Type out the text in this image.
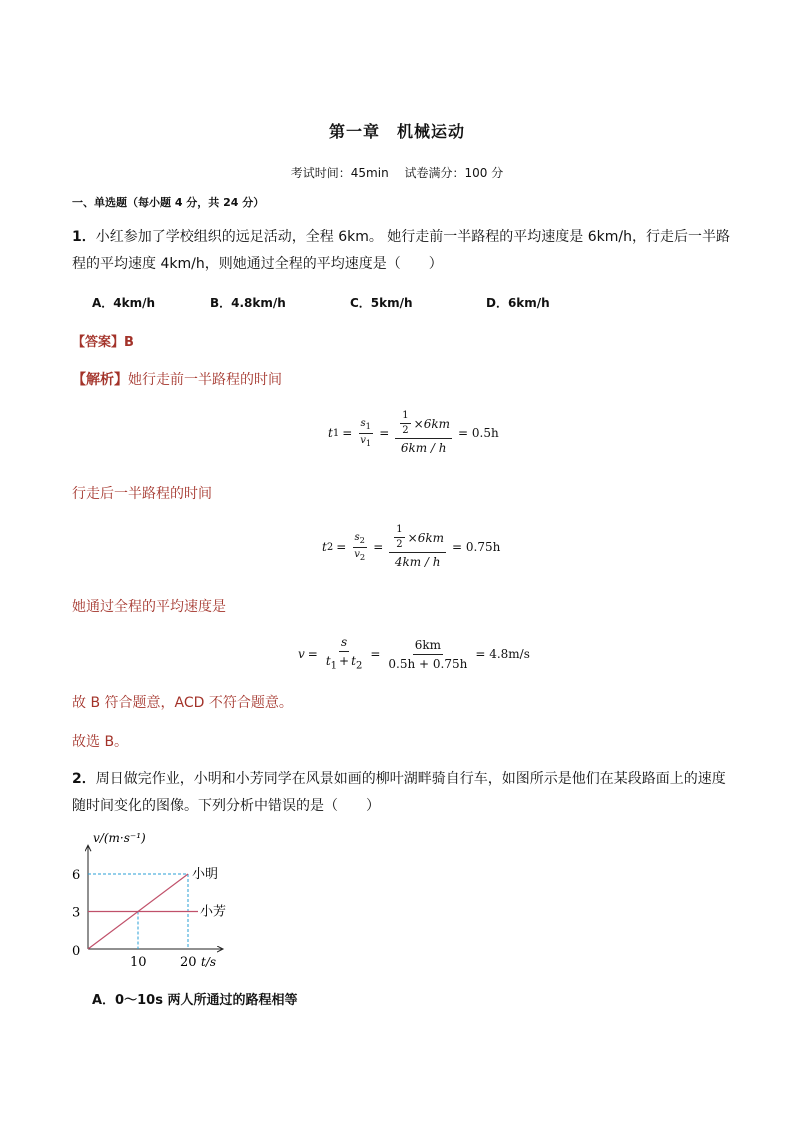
第一章　机械运动
考试时间：45min　 试卷满分：100 分
一、单选题（每小题 4 分，共 24 分）
1．小红参加了学校组织的远足活动，全程 6km。 她行走前一半路程的平均速度是 6km/h，行走后一半路
程的平均速度 4km/h，则她通过全程的平均速度是（　　）
A．4km/h	B．4.8km/h	C．5km/h	D．6km/h
【答案】B
【解析】她行走前一半路程的时间
t $1 = \frac{s_1}{v_1} = \frac{\frac{1}{2} \times 6km}{6km / h} = 0.5h$
行走后一半路程的时间
t $2 = \frac{s_2}{v_2} = \frac{\frac{1}{2} \times 6km}{4km / h} = 0.75h$
她通过全程的平均速度是
$v = \frac{s}{t_1 + t_2} = \frac{6km}{0.5h + 0.75h} = 4.8m/s$
故 B 符合题意，ACD 不符合题意。
故选 B。
2．周日做完作业，小明和小芳同学在风景如画的柳叶湖畔骑自行车，如图所示是他们在某段路面上的速度
随时间变化的图像。下列分析中错误的是（　　）
v/(m·s⁻¹)
t/s
0
3
6
10	20
小明
小芳
A．0～10s 两人所通过的路程相等
